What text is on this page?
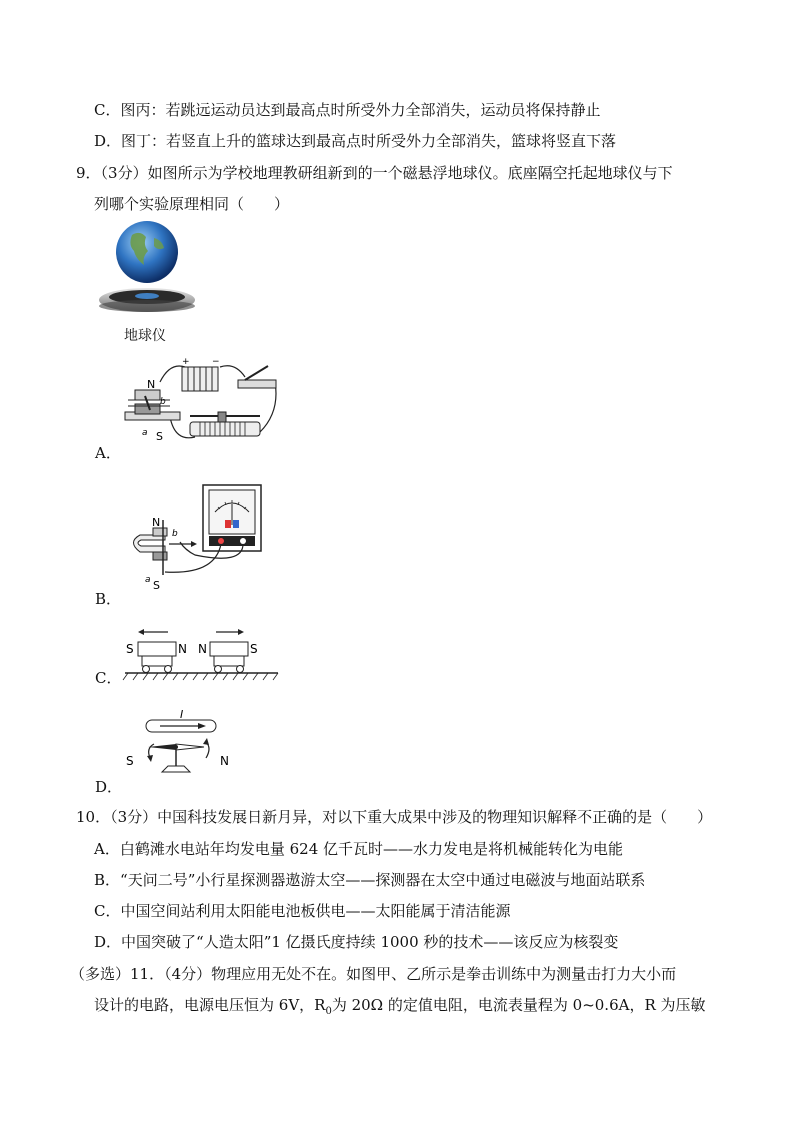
C．图丙：若跳远运动员达到最高点时所受外力全部消失，运动员将保持静止
D．图丁：若竖直上升的篮球达到最高点时所受外力全部消失，篮球将竖直下落
9．（3分）如图所示为学校地理教研组新到的一个磁悬浮地球仪。底座隔空托起地球仪与下
列哪个实验原理相同（　　）
地球仪
+ −
N
S
a
b
A．
N
S
a
b
B．
S	N N	S
C．
I
S	N
D．
10．（3分）中国科技发展日新月异，对以下重大成果中涉及的物理知识解释不正确的是（　　）
A．白鹤滩水电站年均发电量 624 亿千瓦时——水力发电是将机械能转化为电能
B．“天问二号”小行星探测器遨游太空——探测器在太空中通过电磁波与地面站联系
C．中国空间站利用太阳能电池板供电——太阳能属于清洁能源
D．中国突破了“人造太阳”1 亿摄氏度持续 1000 秒的技术——该反应为核裂变
（多选）11．（4分）物理应用无处不在。如图甲、乙所示是拳击训练中为测量击打力大小而
设计的电路，电源电压恒为 6V，$R_0$为 20Ω 的定值电阻，电流表量程为 0~0.6A，R 为压敏
